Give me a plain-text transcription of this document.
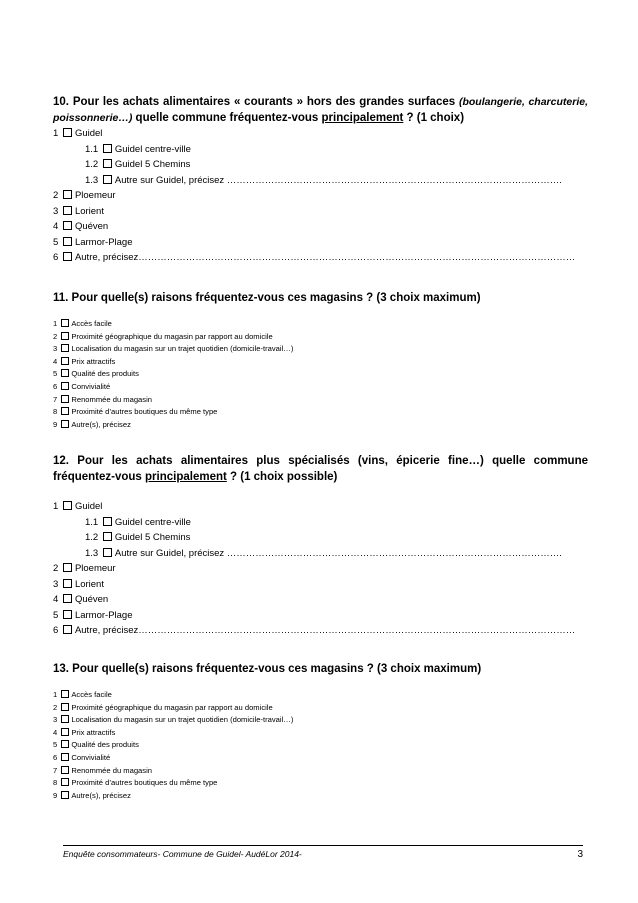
10. Pour les achats alimentaires « courants » hors des grandes surfaces (boulangerie, charcuterie, poissonnerie…) quelle commune fréquentez-vous principalement ? (1 choix)

1 Guidel
1.1 Guidel centre-ville
1.2 Guidel 5 Chemins
1.3 Autre sur Guidel, précisez …………………………………………………………………………………………….
2 Ploemeur
3 Lorient
4 Quéven
5 Larmor-Plage
6 Autre, précisez…………………………………………………………………………………………………………………………

11. Pour quelle(s) raisons fréquentez-vous ces magasins ? (3 choix maximum)

1 Accès facile
2 Proximité géographique du magasin par rapport au domicile
3 Localisation du magasin sur un trajet quotidien (domicile-travail…)
4 Prix attractifs
5 Qualité des produits
6 Convivialité
7 Renommée du magasin
8 Proximité d’autres boutiques du même type
9 Autre(s), précisez

12. Pour les achats alimentaires plus spécialisés (vins, épicerie fine…) quelle commune fréquentez-vous principalement ? (1 choix possible)

1 Guidel
1.1 Guidel centre-ville
1.2 Guidel 5 Chemins
1.3 Autre sur Guidel, précisez …………………………………………………………………………………………….
2 Ploemeur
3 Lorient
4 Quéven
5 Larmor-Plage
6 Autre, précisez…………………………………………………………………………………………………………………………

13. Pour quelle(s) raisons fréquentez-vous ces magasins ? (3 choix maximum)

1 Accès facile
2 Proximité géographique du magasin par rapport au domicile
3 Localisation du magasin sur un trajet quotidien (domicile-travail…)
4 Prix attractifs
5 Qualité des produits
6 Convivialité
7 Renommée du magasin
8 Proximité d’autres boutiques du même type
9 Autre(s), précisez
Enquête consommateurs- Commune de Guidel- AudéLor 2014-	3
